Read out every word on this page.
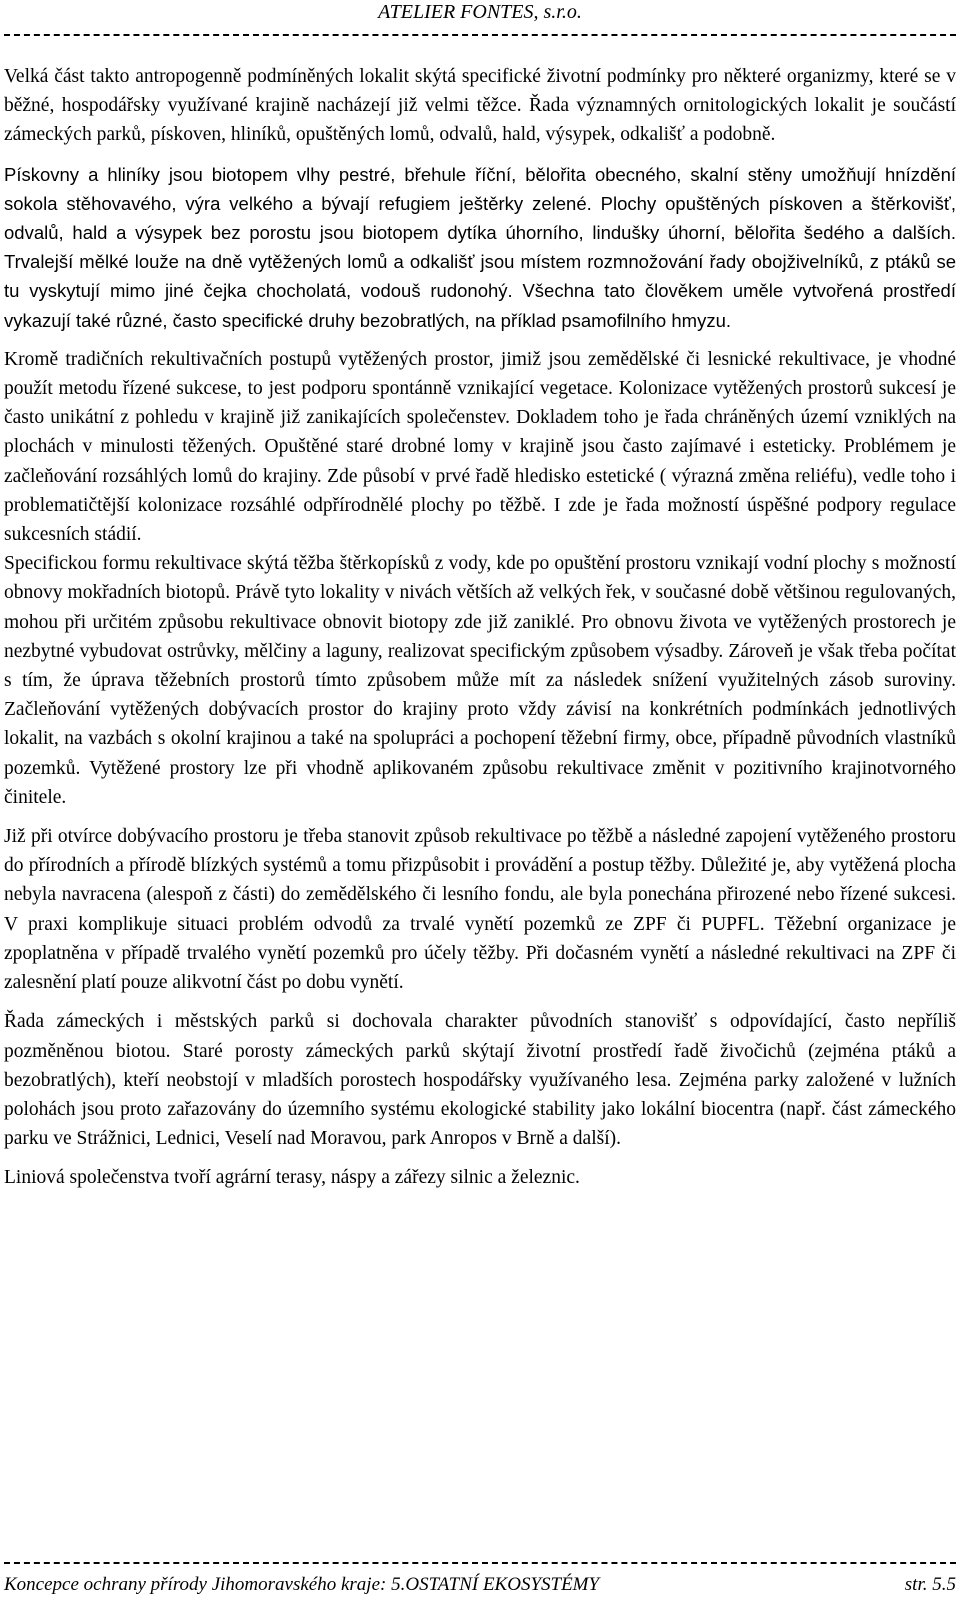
ATELIER FONTES, s.r.o.

Velká část takto antropogenně podmíněných lokalit skýtá specifické životní podmínky pro některé organizmy, které se v běžné, hospodářsky využívané krajině nacházejí již velmi těžce. Řada významných ornitologických lokalit je součástí zámeckých parků, pískoven, hliníků, opuštěných lomů, odvalů, hald, výsypek, odkališť a podobně.

Pískovny a hliníky jsou biotopem vlhy pestré, břehule říční, bělořita obecného, skalní stěny umožňují hnízdění sokola stěhovavého, výra velkého a bývají refugiem ještěrky zelené. Plochy opuštěných pískoven a štěrkovišť, odvalů, hald a výsypek bez porostu jsou biotopem dytíka úhorního, lindušky úhorní, bělořita šedého a dalších. Trvalejší mělké louže na dně vytěžených lomů a odkališť jsou místem rozmnožování řady obojživelníků, z ptáků se tu vyskytují mimo jiné čejka chocholatá, vodouš rudonohý. Všechna tato člověkem uměle vytvořená prostředí vykazují také různé, často specifické druhy bezobratlých, na příklad psamofilního hmyzu.

Kromě tradičních rekultivačních postupů vytěžených prostor, jimiž jsou zemědělské či lesnické rekultivace, je vhodné použít metodu řízené sukcese, to jest podporu spontánně vznikající vegetace. Kolonizace vytěžených prostorů sukcesí je často unikátní z pohledu v krajině již zanikajících společenstev. Dokladem toho je řada chráněných území vzniklých na plochách v minulosti těžených. Opuštěné staré drobné lomy v krajině jsou často zajímavé i esteticky. Problémem je začleňování rozsáhlých lomů do krajiny. Zde působí v prvé řadě hledisko estetické ( výrazná změna reliéfu), vedle toho i problematičtější kolonizace rozsáhlé odpřírodnělé plochy po těžbě. I zde je řada možností úspěšné podpory regulace sukcesních stádií.

Specifickou formu rekultivace skýtá těžba štěrkopísků z vody, kde po opuštění prostoru vznikají vodní plochy s možností obnovy mokřadních biotopů. Právě tyto lokality v nivách větších až velkých řek, v současné době většinou regulovaných, mohou při určitém způsobu rekultivace obnovit biotopy zde již zaniklé. Pro obnovu života ve vytěžených prostorech je nezbytné vybudovat ostrůvky, mělčiny a laguny, realizovat specifickým způsobem výsadby. Zároveň je však třeba počítat s tím, že úprava těžebních prostorů tímto způsobem může mít za následek snížení využitelných zásob suroviny. Začleňování vytěžených dobývacích prostor do krajiny proto vždy závisí na konkrétních podmínkách jednotlivých lokalit, na vazbách s okolní krajinou a také na spolupráci a pochopení těžební firmy, obce, případně původních vlastníků pozemků. Vytěžené prostory lze při vhodně aplikovaném způsobu rekultivace změnit v pozitivního krajinotvorného činitele.

Již při otvírce dobývacího prostoru je třeba stanovit způsob rekultivace po těžbě a následné zapojení vytěženého prostoru do přírodních a přírodě blízkých systémů a tomu přizpůsobit i provádění a postup těžby. Důležité je, aby vytěžená plocha nebyla navracena (alespoň z části) do zemědělského či lesního fondu, ale byla ponechána přirozené nebo řízené sukcesi. V praxi komplikuje situaci problém odvodů za trvalé vynětí pozemků ze ZPF či PUPFL. Těžební organizace je zpoplatněna v případě trvalého vynětí pozemků pro účely těžby. Při dočasném vynětí a následné rekultivaci na ZPF či zalesnění platí pouze alikvotní část po dobu vynětí.

Řada zámeckých i městských parků si dochovala charakter původních stanovišť s odpovídající, často nepříliš pozměněnou biotou. Staré porosty zámeckých parků skýtají životní prostředí řadě živočichů (zejména ptáků a bezobratlých), kteří neobstojí v mladších porostech hospodářsky využívaného lesa. Zejména parky založené v lužních polohách jsou proto zařazovány do územního systému ekologické stability jako lokální biocentra (např. část zámeckého parku ve Strážnici, Lednici, Veselí nad Moravou, park Anropos v Brně a další).

Liniová společenstva tvoří agrární terasy, náspy a zářezy silnic a železnic.

Koncepce ochrany přírody Jihomoravského kraje: 5.OSTATNÍ EKOSYSTÉMY	str. 5.5
